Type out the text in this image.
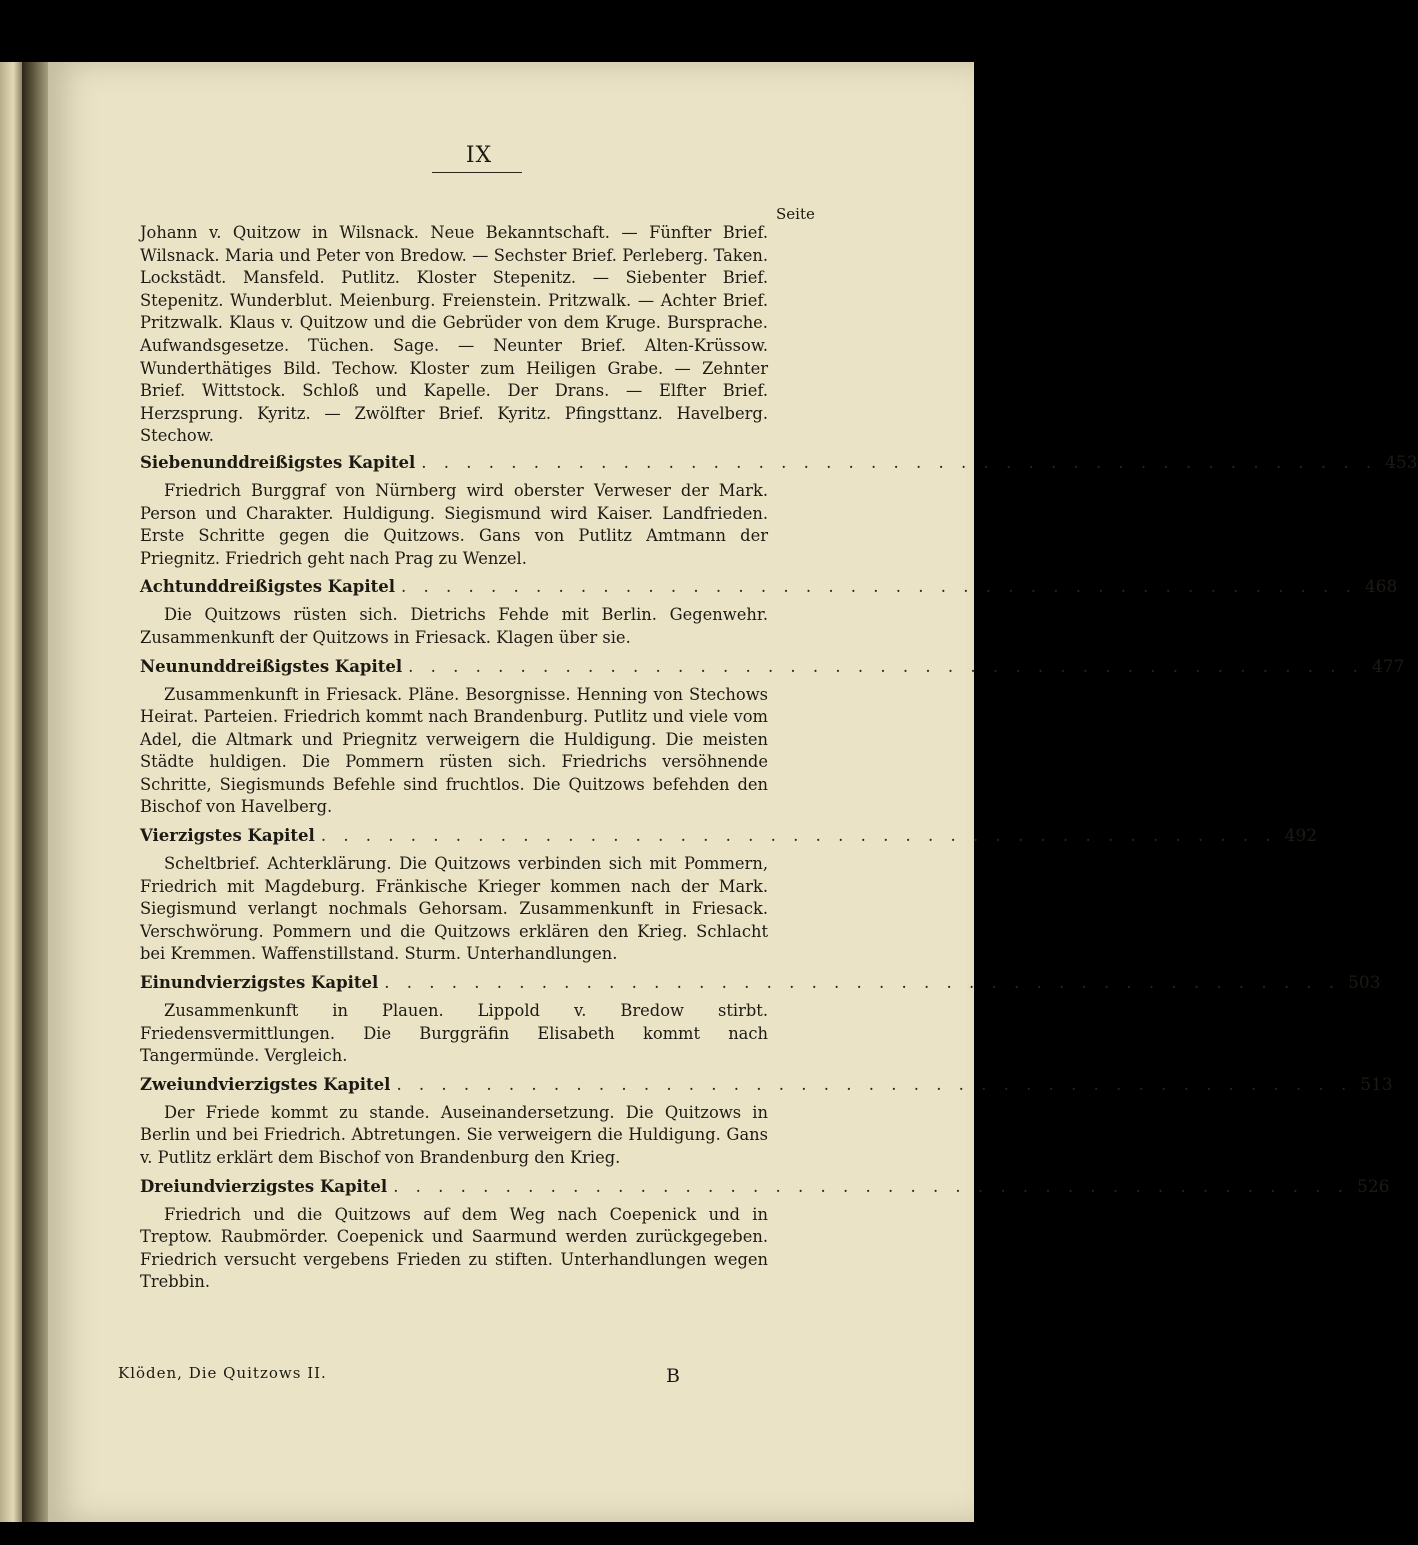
IX
Seite

Johann v. Quitzow in Wilsnack. Neue Bekanntschaft. — Fünfter Brief. Wilsnack. Maria und Peter von Bredow. — Sechster Brief. Perleberg. Taken. Lockstädt. Mansfeld. Putlitz. Kloster Stepenitz. — Siebenter Brief. Stepenitz. Wunderblut. Meienburg. Freienstein. Pritzwalk. — Achter Brief. Pritzwalk. Klaus v. Quitzow und die Gebrüder von dem Kruge. Bursprache. Aufwandsgesetze. Tüchen. Sage. — Neunter Brief. Alten-Krüssow. Wunderthätiges Bild. Techow. Kloster zum Heiligen Grabe. — Zehnter Brief. Wittstock. Schloß und Kapelle. Der Drans. — Elfter Brief. Herzsprung. Kyritz. — Zwölfter Brief. Kyritz. Pfingsttanz. Havelberg. Stechow.

Siebenunddreißigstes Kapitel . . . . . . . . . . . . . . . . . . . . . . . . . . . . . . . . . . . . . . . . . . . 453

Friedrich Burggraf von Nürnberg wird oberster Verweser der Mark. Person und Charakter. Huldigung. Siegismund wird Kaiser. Landfrieden. Erste Schritte gegen die Quitzows. Gans von Putlitz Amtmann der Priegnitz. Friedrich geht nach Prag zu Wenzel.

Achtunddreißigstes Kapitel . . . . . . . . . . . . . . . . . . . . . . . . . . . . . . . . . . . . . . . . . . . 468

Die Quitzows rüsten sich. Dietrichs Fehde mit Berlin. Gegenwehr. Zusammenkunft der Quitzows in Friesack. Klagen über sie.

Neununddreißigstes Kapitel . . . . . . . . . . . . . . . . . . . . . . . . . . . . . . . . . . . . . . . . . . . 477

Zusammenkunft in Friesack. Pläne. Besorgnisse. Henning von Stechows Heirat. Parteien. Friedrich kommt nach Brandenburg. Putlitz und viele vom Adel, die Altmark und Priegnitz verweigern die Huldigung. Die meisten Städte huldigen. Die Pommern rüsten sich. Friedrichs versöhnende Schritte, Siegismunds Befehle sind fruchtlos. Die Quitzows befehden den Bischof von Havelberg.

Vierzigstes Kapitel . . . . . . . . . . . . . . . . . . . . . . . . . . . . . . . . . . . . . . . . . . . 492

Scheltbrief. Achterklärung. Die Quitzows verbinden sich mit Pommern, Friedrich mit Magdeburg. Fränkische Krieger kommen nach der Mark. Siegismund verlangt nochmals Gehorsam. Zusammenkunft in Friesack. Verschwörung. Pommern und die Quitzows erklären den Krieg. Schlacht bei Kremmen. Waffenstillstand. Sturm. Unterhandlungen.

Einundvierzigstes Kapitel . . . . . . . . . . . . . . . . . . . . . . . . . . . . . . . . . . . . . . . . . . . 503

Zusammenkunft in Plauen. Lippold v. Bredow stirbt. Friedensvermittlungen. Die Burggräfin Elisabeth kommt nach Tangermünde. Vergleich.

Zweiundvierzigstes Kapitel . . . . . . . . . . . . . . . . . . . . . . . . . . . . . . . . . . . . . . . . . . . 513

Der Friede kommt zu stande. Auseinandersetzung. Die Quitzows in Berlin und bei Friedrich. Abtretungen. Sie verweigern die Huldigung. Gans v. Putlitz erklärt dem Bischof von Brandenburg den Krieg.

Dreiundvierzigstes Kapitel . . . . . . . . . . . . . . . . . . . . . . . . . . . . . . . . . . . . . . . . . . . 526

Friedrich und die Quitzows auf dem Weg nach Coepenick und in Treptow. Raubmörder. Coepenick und Saarmund werden zurückgegeben. Friedrich versucht vergebens Frieden zu stiften. Unterhandlungen wegen Trebbin.

Klöden, Die Quitzows II.	B
